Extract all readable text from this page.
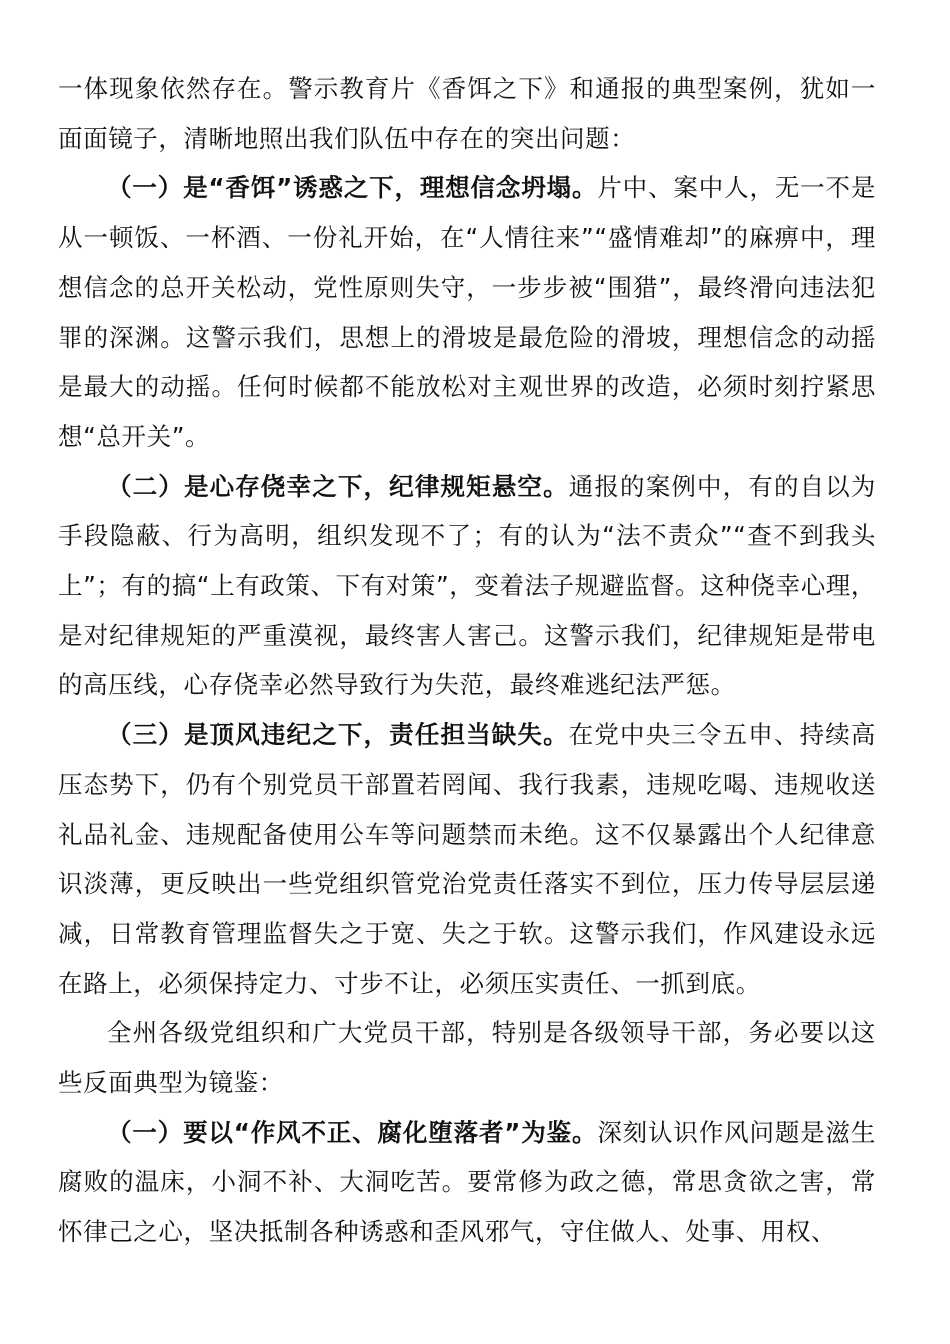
一体现象依然存在。警示教育片《香饵之下》和通报的典型案例，犹如一面面镜子，清晰地照出我们队伍中存在的突出问题：

（一）是“香饵”诱惑之下，理想信念坍塌。片中、案中人，无一不是从一顿饭、一杯酒、一份礼开始，在“人情往来”“盛情难却”的麻痹中，理想信念的总开关松动，党性原则失守，一步步被“围猎”，最终滑向违法犯罪的深渊。这警示我们，思想上的滑坡是最危险的滑坡，理想信念的动摇是最大的动摇。任何时候都不能放松对主观世界的改造，必须时刻拧紧思想“总开关”。

（二）是心存侥幸之下，纪律规矩悬空。通报的案例中，有的自以为手段隐蔽、行为高明，组织发现不了；有的认为“法不责众”“查不到我头上”；有的搞“上有政策、下有对策”，变着法子规避监督。这种侥幸心理，是对纪律规矩的严重漠视，最终害人害己。这警示我们，纪律规矩是带电的高压线，心存侥幸必然导致行为失范，最终难逃纪法严惩。

（三）是顶风违纪之下，责任担当缺失。在党中央三令五申、持续高压态势下，仍有个别党员干部置若罔闻、我行我素，违规吃喝、违规收送礼品礼金、违规配备使用公车等问题禁而未绝。这不仅暴露出个人纪律意识淡薄，更反映出一些党组织管党治党责任落实不到位，压力传导层层递减，日常教育管理监督失之于宽、失之于软。这警示我们，作风建设永远在路上，必须保持定力、寸步不让，必须压实责任、一抓到底。

全州各级党组织和广大党员干部，特别是各级领导干部，务必要以这些反面典型为镜鉴：

（一）要以“作风不正、腐化堕落者”为鉴。深刻认识作风问题是滋生腐败的温床，小洞不补、大洞吃苦。要常修为政之德，常思贪欲之害，常怀律己之心，坚决抵制各种诱惑和歪风邪气，守住做人、处事、用权、
